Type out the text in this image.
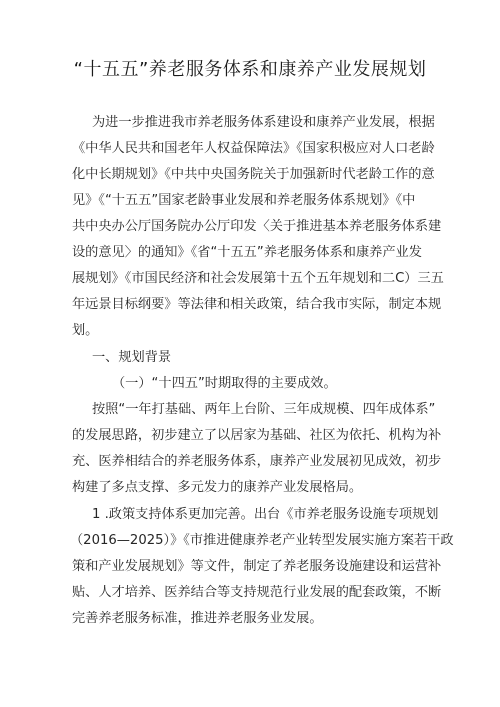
“十五五”养老服务体系和康养产业发展规划
为进一步推进我市养老服务体系建设和康养产业发展，根据
《中华人民共和国老年人权益保障法》《国家积极应对人口老龄
化中长期规划》《中共中央国务院关于加强新时代老龄工作的意
见》《“十五五”国家老龄事业发展和养老服务体系规划》《中
共中央办公厅国务院办公厅印发〈关于推进基本养老服务体系建
设的意见〉的通知》《省“十五五”养老服务体系和康养产业发
展规划》《市国民经济和社会发展第十五个五年规划和二C）三五
年远景目标纲要》等法律和相关政策，结合我市实际，制定本规
划。
一、规划背景
（一）“十四五”时期取得的主要成效。
按照“一年打基础、两年上台阶、三年成规模、四年成体系”
的发展思路，初步建立了以居家为基础、社区为依托、机构为补
充、医养相结合的养老服务体系，康养产业发展初见成效，初步
构建了多点支撑、多元发力的康养产业发展格局。
1 .政策支持体系更加完善。出台《市养老服务设施专项规划
（2016—2025）》《市推进健康养老产业转型发展实施方案若干政
策和产业发展规划》等文件，制定了养老服务设施建设和运营补
贴、人才培养、医养结合等支持规范行业发展的配套政策，不断
完善养老服务标准，推进养老服务业发展。
